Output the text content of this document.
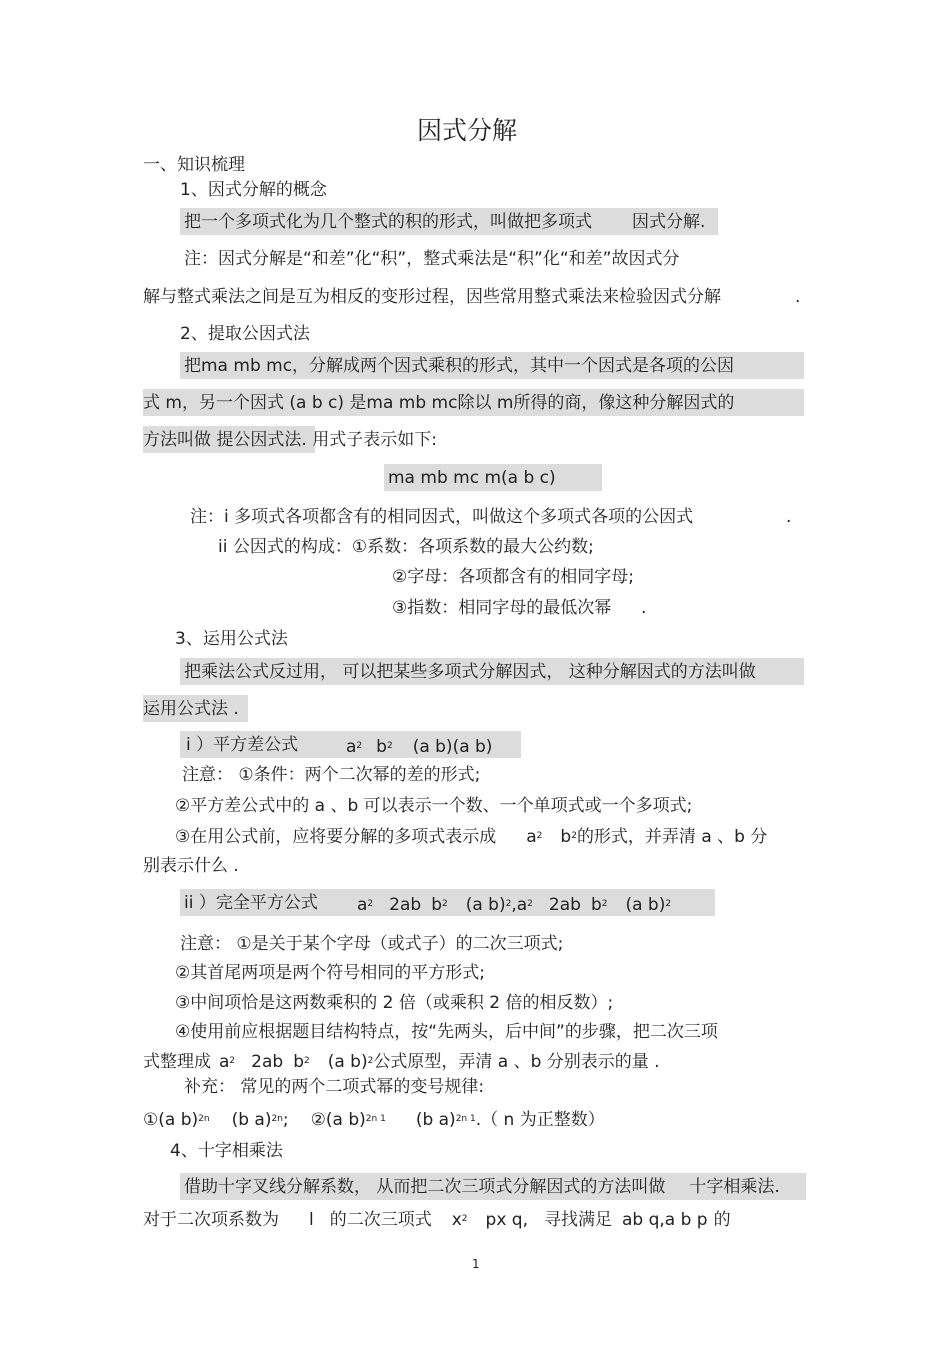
因式分解
一、知识梳理
1、因式分解的概念
把一个多项式化为几个整式的积的形式，叫做把多项式 因式分解.
注：因式分解是“和差”化“积”，整式乘法是“积”化“和差”故因式分
解与整式乘法之间是互为相反的变形过程，因些常用整式乘法来检验因式分解	.
2、提取公因式法
把ma mb mc，分解成两个因式乘积的形式，其中一个因式是各项的公因
式 m，另一个因式 (a b c) 是ma mb mc除以 m所得的商，像这种分解因式的
方法叫做 提公因式法. 用式子表示如下:
ma mb mc m(a b c)
注：i 多项式各项都含有的相同因式，叫做这个多项式各项的公因式	.
ii 公因式的构成：①系数：各项系数的最大公约数;
②字母：各项都含有的相同字母;
③指数：相同字母的最低次幂 .
3、运用公式法
把乘法公式反过用， 可以把某些多项式分解因式， 这种分解因式的方法叫做
运用公式法 .
i ）平方差公式	$a^2$ $b^2$ (a b)(a b)
注意： ①条件：两个二次幂的差的形式;
②平方差公式中的 a 、b 可以表示一个数、一个单项式或一个多项式;
③在用公式前，应将要分解的多项式表示成 $a^2$ $b^2$的形式，并弄清 a 、b 分
别表示什么 .
ii ）完全平方公式 $a^2$ 2ab $b^2$ (a $b)^2,a^2$ 2ab $b^2$ (a b)$^2$
注意： ①是关于某个字母（或式子）的二次三项式;
②其首尾两项是两个符号相同的平方形式;
③中间项恰是这两数乘积的 2 倍（或乘积 2 倍的相反数）;
④使用前应根据题目结构特点，按“先两头，后中间”的步骤，把二次三项
式整理成 $a^2$ 2ab $b^2$ (a b)$^2$公式原型，弄清 a 、b 分别表示的量 .
补充： 常见的两个二项式幂的变号规律:
①(a b)$^{2n}$ (b a)$^{2n}$; ②(a b)$^{2n 1}$ (b a)$^{2n 1}$.（ n 为正整数）
4、十字相乘法
借助十字叉线分解系数， 从而把二次三项式分解因式的方法叫做 十字相乘法.
对于二次项系数为 l 的二次三项式 $x^2$ px q, 寻找满足 ab q,a b p 的
1
